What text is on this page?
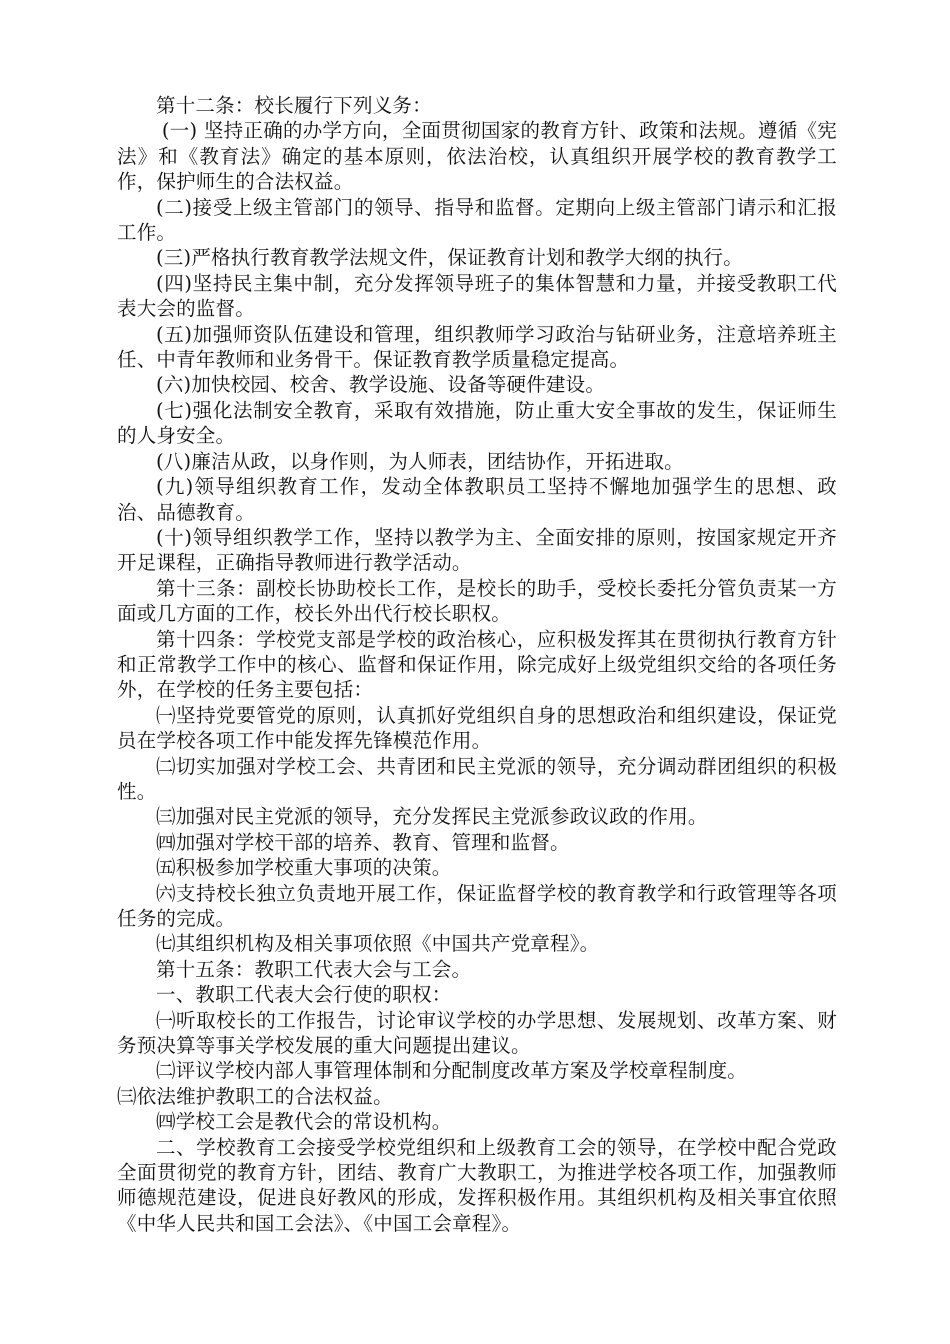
第十二条：校长履行下列义务：

(一) 坚持正确的办学方向，全面贯彻国家的教育方针、政策和法规。遵循《宪法》和《教育法》确定的基本原则，依法治校，认真组织开展学校的教育教学工作，保护师生的合法权益。

(二)接受上级主管部门的领导、指导和监督。定期向上级主管部门请示和汇报工作。

(三)严格执行教育教学法规文件，保证教育计划和教学大纲的执行。

(四)坚持民主集中制，充分发挥领导班子的集体智慧和力量，并接受教职工代表大会的监督。

(五)加强师资队伍建设和管理，组织教师学习政治与钻研业务，注意培养班主任、中青年教师和业务骨干。保证教育教学质量稳定提高。

(六)加快校园、校舍、教学设施、设备等硬件建设。

(七)强化法制安全教育，采取有效措施，防止重大安全事故的发生，保证师生的人身安全。

(八)廉洁从政，以身作则，为人师表，团结协作，开拓进取。

(九)领导组织教育工作，发动全体教职员工坚持不懈地加强学生的思想、政治、品德教育。

(十)领导组织教学工作，坚持以教学为主、全面安排的原则，按国家规定开齐开足课程，正确指导教师进行教学活动。

第十三条：副校长协助校长工作，是校长的助手，受校长委托分管负责某一方面或几方面的工作，校长外出代行校长职权。

第十四条：学校党支部是学校的政治核心，应积极发挥其在贯彻执行教育方针和正常教学工作中的核心、监督和保证作用，除完成好上级党组织交给的各项任务外，在学校的任务主要包括：

㈠坚持党要管党的原则，认真抓好党组织自身的思想政治和组织建设，保证党员在学校各项工作中能发挥先锋模范作用。

㈡切实加强对学校工会、共青团和民主党派的领导，充分调动群团组织的积极性。

㈢加强对民主党派的领导，充分发挥民主党派参政议政的作用。

㈣加强对学校干部的培养、教育、管理和监督。

㈤积极参加学校重大事项的决策。

㈥支持校长独立负责地开展工作，保证监督学校的教育教学和行政管理等各项任务的完成。

㈦其组织机构及相关事项依照《中国共产党章程》。

第十五条：教职工代表大会与工会。

一、教职工代表大会行使的职权：

㈠听取校长的工作报告，讨论审议学校的办学思想、发展规划、改革方案、财务预决算等事关学校发展的重大问题提出建议。

㈡评议学校内部人事管理体制和分配制度改革方案及学校章程制度。

㈢依法维护教职工的合法权益。

㈣学校工会是教代会的常设机构。

二、学校教育工会接受学校党组织和上级教育工会的领导，在学校中配合党政全面贯彻党的教育方针，团结、教育广大教职工，为推进学校各项工作，加强教师师德规范建设，促进良好教风的形成，发挥积极作用。其组织机构及相关事宜依照《中华人民共和国工会法》、《中国工会章程》。
